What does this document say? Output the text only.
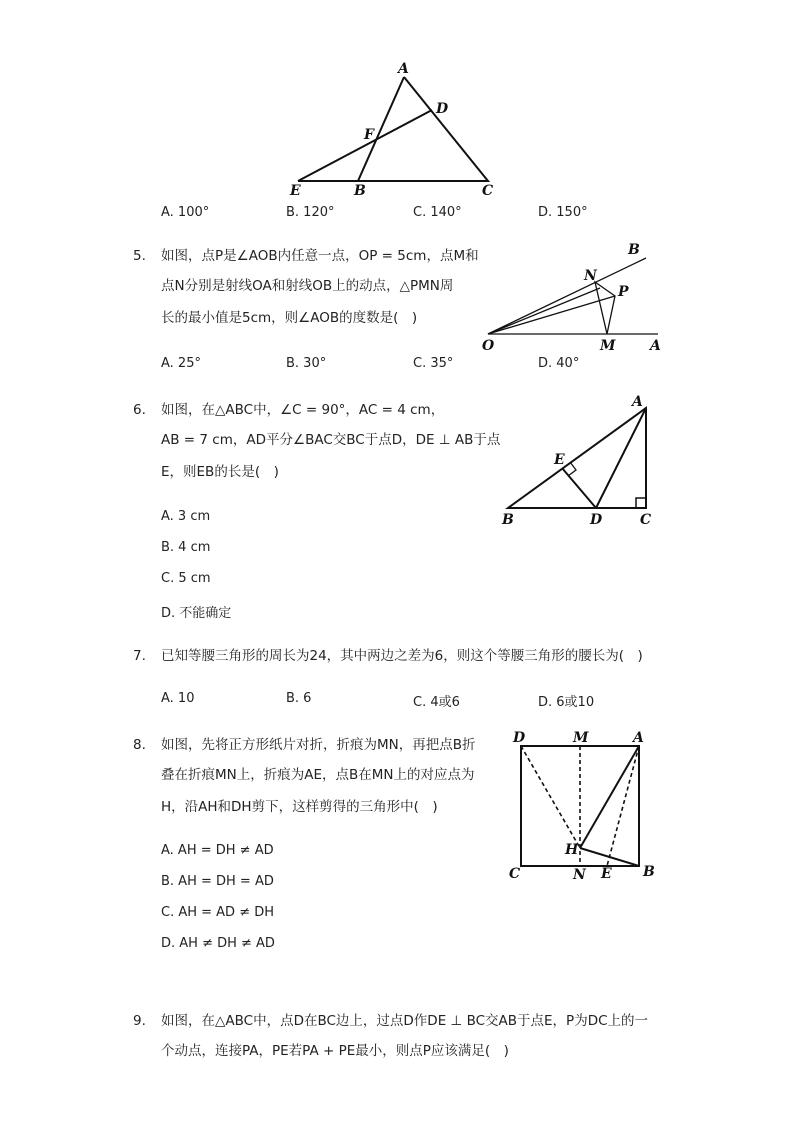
A
D
F
E	B	C
A. 100°	B. 120°	C. 140°	D. 150°
5. 如图，点P是∠AOB内任意一点，OP = 5cm，点M和
点N分别是射线OA和射线OB上的动点，△PMN周
长的最小值是5cm，则∠AOB的度数是(　)
B
N
P
O	M A
A. 25°	B. 30°	C. 35°	D. 40°
6. 如图，在△ABC中，∠C = 90°，AC = 4 cm，
AB = 7 cm，AD平分∠BAC交BC于点D，DE ⊥ AB于点
E，则EB的长是(　)
A
E
B	D	C
A. 3 cm
B. 4 cm
C. 5 cm
D. 不能确定
7. 已知等腰三角形的周长为24，其中两边之差为6，则这个等腰三角形的腰长为(　)
A. 10	B. 6	C. 4或6	D. 6或10
8. 如图，先将正方形纸片对折，折痕为MN，再把点B折
叠在折痕MN上，折痕为AE，点B在MN上的对应点为
H，沿AH和DH剪下，这样剪得的三角形中(　)
D	M	A
H
C	N E B
A. AH = DH ≠ AD
B. AH = DH = AD
C. AH = AD ≠ DH
D. AH ≠ DH ≠ AD
9. 如图，在△ABC中，点D在BC边上，过点D作DE ⊥ BC交AB于点E，P为DC上的一
个动点，连接PA，PE若PA + PE最小，则点P应该满足(　)
